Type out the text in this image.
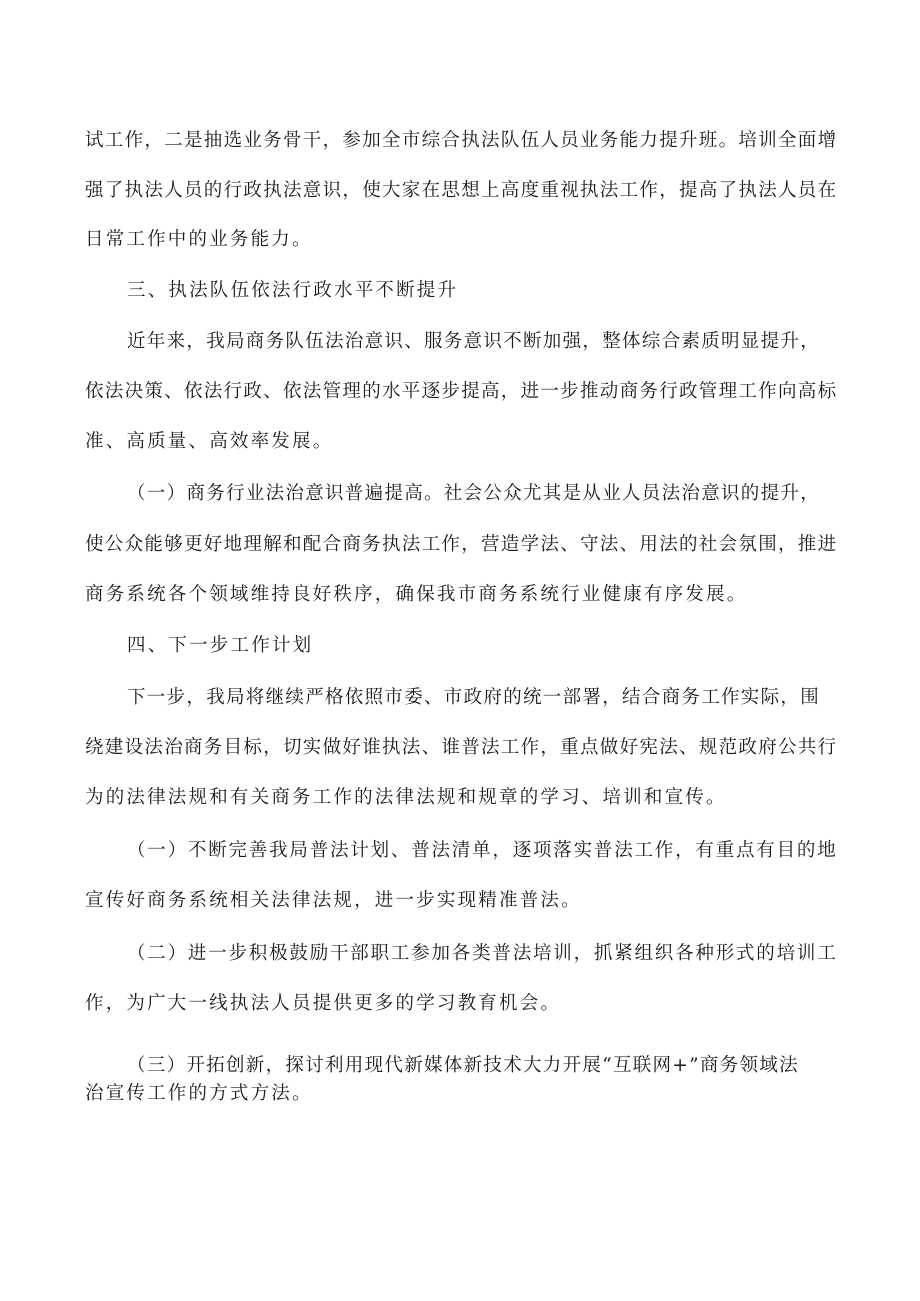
试工作，二是抽选业务骨干，参加全市综合执法队伍人员业务能力提升班。培训全面增
强了执法人员的行政执法意识，使大家在思想上高度重视执法工作，提高了执法人员在
日常工作中的业务能力。
三、执法队伍依法行政水平不断提升
近年来，我局商务队伍法治意识、服务意识不断加强，整体综合素质明显提升，
依法决策、依法行政、依法管理的水平逐步提高，进一步推动商务行政管理工作向高标
准、高质量、高效率发展。
（一）商务行业法治意识普遍提高。社会公众尤其是从业人员法治意识的提升，
使公众能够更好地理解和配合商务执法工作，营造学法、守法、用法的社会氛围，推进
商务系统各个领域维持良好秩序，确保我市商务系统行业健康有序发展。
四、下一步工作计划
下一步，我局将继续严格依照市委、市政府的统一部署，结合商务工作实际，围
绕建设法治商务目标，切实做好谁执法、谁普法工作，重点做好宪法、规范政府公共行
为的法律法规和有关商务工作的法律法规和规章的学习、培训和宣传。
（一）不断完善我局普法计划、普法清单，逐项落实普法工作，有重点有目的地
宣传好商务系统相关法律法规，进一步实现精准普法。
（二）进一步积极鼓励干部职工参加各类普法培训，抓紧组织各种形式的培训工
作，为广大一线执法人员提供更多的学习教育机会。
（三）开拓创新，探讨利用现代新媒体新技术大力开展“互联网+”商务领域法
治宣传工作的方式方法。
